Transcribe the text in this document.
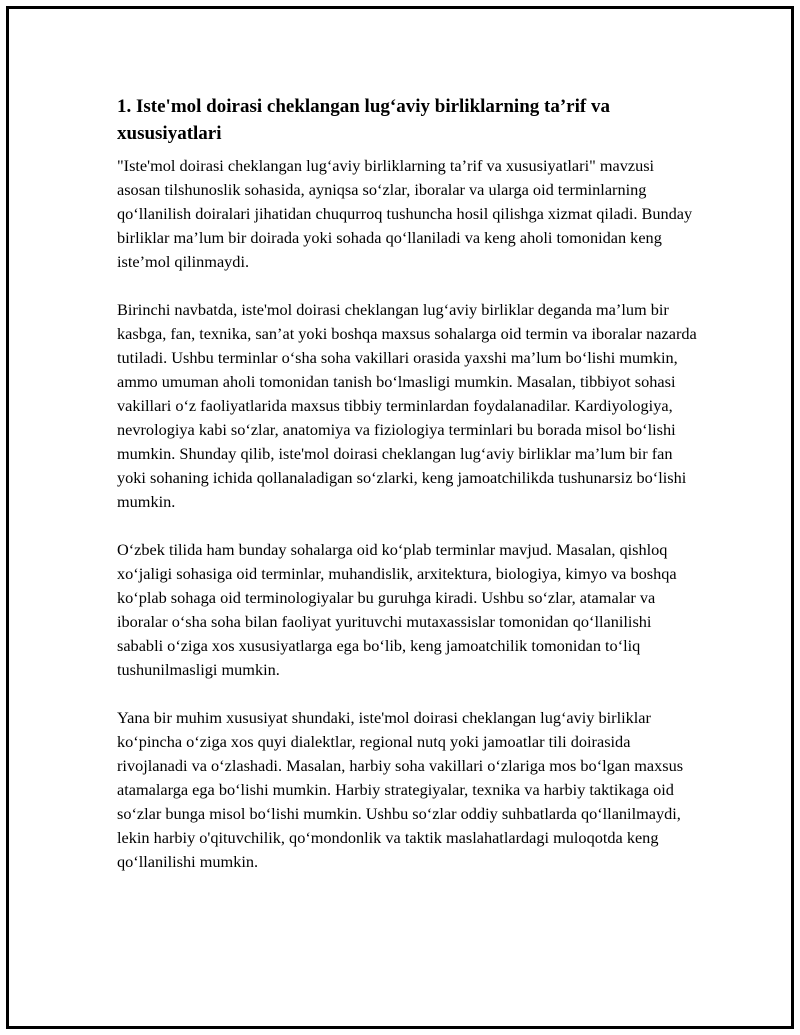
1. Iste'mol doirasi cheklangan lug‘aviy birliklarning ta’rif va xususiyatlari

"Iste'mol doirasi cheklangan lug‘aviy birliklarning ta’rif va xususiyatlari" mavzusi asosan tilshunoslik sohasida, ayniqsa so‘zlar, iboralar va ularga oid terminlarning qo‘llanilish doiralari jihatidan chuqurroq tushuncha hosil qilishga xizmat qiladi. Bunday birliklar ma’lum bir doirada yoki sohada qo‘llaniladi va keng aholi tomonidan keng iste’mol qilinmaydi.

Birinchi navbatda, iste'mol doirasi cheklangan lug‘aviy birliklar deganda ma’lum bir kasbga, fan, texnika, san’at yoki boshqa maxsus sohalarga oid termin va iboralar nazarda tutiladi. Ushbu terminlar o‘sha soha vakillari orasida yaxshi ma’lum bo‘lishi mumkin, ammo umuman aholi tomonidan tanish bo‘lmasligi mumkin. Masalan, tibbiyot sohasi vakillari o‘z faoliyatlarida maxsus tibbiy terminlardan foydalanadilar. Kardiyologiya, nevrologiya kabi so‘zlar, anatomiya va fiziologiya terminlari bu borada misol bo‘lishi mumkin. Shunday qilib, iste'mol doirasi cheklangan lug‘aviy birliklar ma’lum bir fan yoki sohaning ichida qollanaladigan so‘zlarki, keng jamoatchilikda tushunarsiz bo‘lishi mumkin.

O‘zbek tilida ham bunday sohalarga oid ko‘plab terminlar mavjud. Masalan, qishloq xo‘jaligi sohasiga oid terminlar, muhandislik, arxitektura, biologiya, kimyo va boshqa ko‘plab sohaga oid terminologiyalar bu guruhga kiradi. Ushbu so‘zlar, atamalar va iboralar o‘sha soha bilan faoliyat yurituvchi mutaxassislar tomonidan qo‘llanilishi sababli o‘ziga xos xususiyatlarga ega bo‘lib, keng jamoatchilik tomonidan to‘liq tushunilmasligi mumkin.

Yana bir muhim xususiyat shundaki, iste'mol doirasi cheklangan lug‘aviy birliklar ko‘pincha o‘ziga xos quyi dialektlar, regional nutq yoki jamoatlar tili doirasida rivojlanadi va o‘zlashadi. Masalan, harbiy soha vakillari o‘zlariga mos bo‘lgan maxsus atamalarga ega bo‘lishi mumkin. Harbiy strategiyalar, texnika va harbiy taktikaga oid so‘zlar bunga misol bo‘lishi mumkin. Ushbu so‘zlar oddiy suhbatlarda qo‘llanilmaydi, lekin harbiy o'qituvchilik, qo‘mondonlik va taktik maslahatlardagi muloqotda keng qo‘llanilishi mumkin.
